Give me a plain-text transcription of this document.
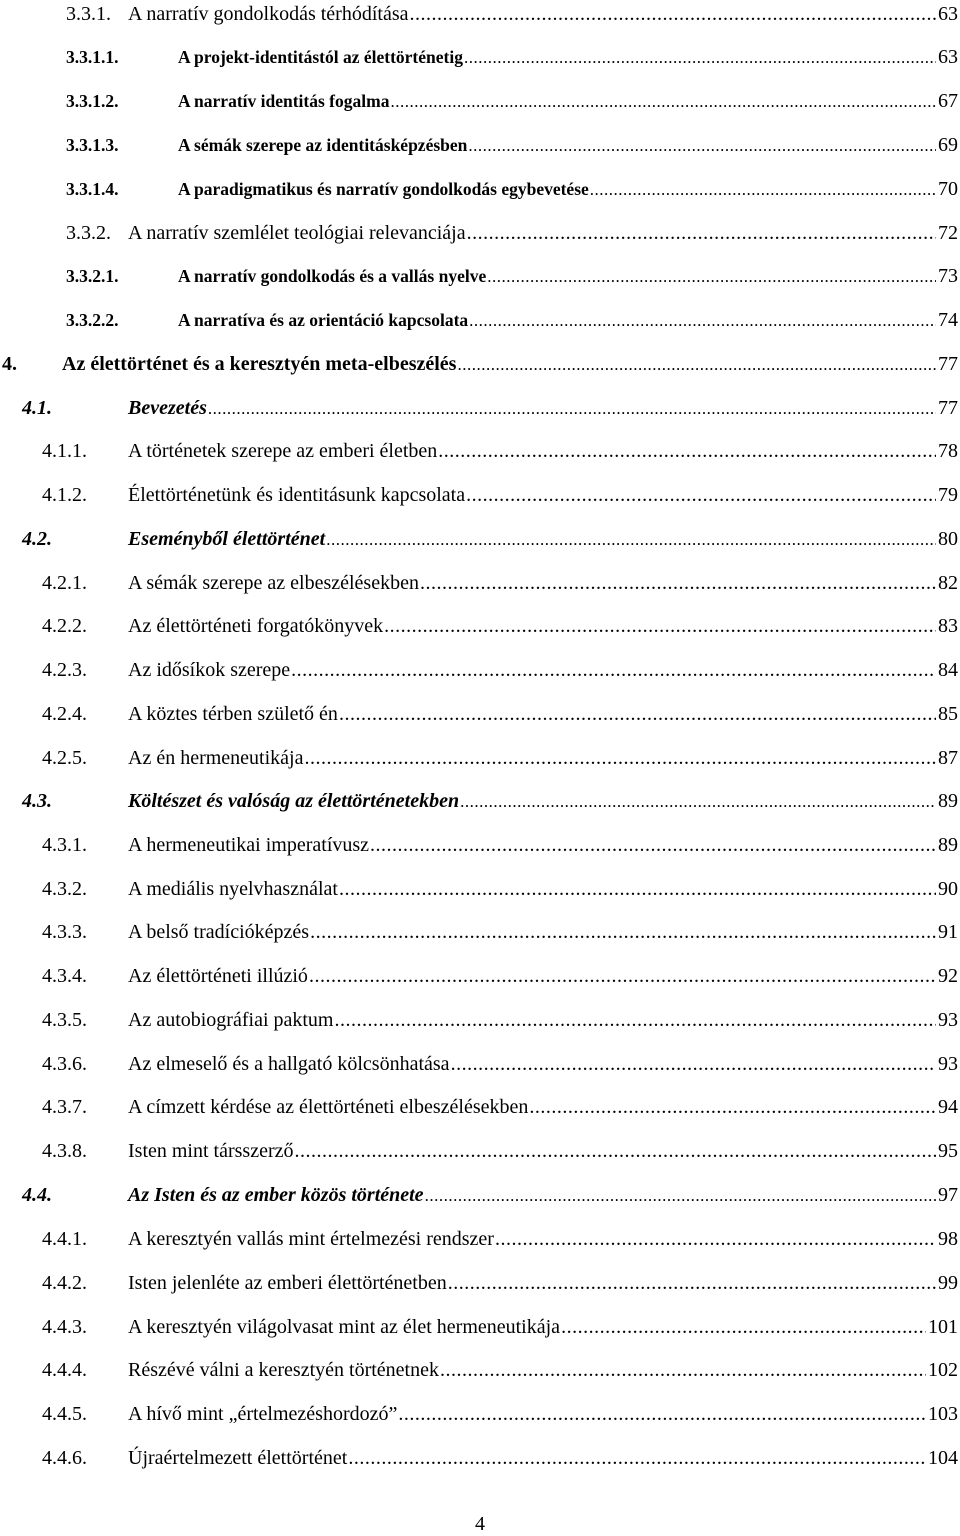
3.3.1. A narratív gondolkodás térhódítása .....	63
3.3.1.1.	A projekt-identitástól az élettörténetig .....	63
3.3.1.2.	A narratív identitás fogalma .....	67
3.3.1.3.	A sémák szerepe az identitásképzésben .....	69
3.3.1.4.	A paradigmatikus és narratív gondolkodás egybevetése .....	70
3.3.2. A narratív szemlélet teológiai relevanciája .....	72
3.3.2.1.	A narratív gondolkodás és a vallás nyelve .....	73
3.3.2.2.	A narratíva és az orientáció kapcsolata .....	74
4. Az élettörténet és a keresztyén meta-elbeszélés .....	77
4.1.	Bevezetés .....	77
4.1.1. A történetek szerepe az emberi életben .....	78
4.1.2. Élettörténetünk és identitásunk kapcsolata .....	79
4.2.	Eseményből élettörténet .....	80
4.2.1. A sémák szerepe az elbeszélésekben .....	82
4.2.2. Az élettörténeti forgatókönyvek .....	83
4.2.3. Az idősíkok szerepe .....	84
4.2.4. A köztes térben születő én .....	85
4.2.5. Az én hermeneutikája .....	87
4.3.	Költészet és valóság az élettörténetekben .....	89
4.3.1. A hermeneutikai imperatívusz .....	89
4.3.2. A mediális nyelvhasználat .....	90
4.3.3. A belső tradícióképzés .....	91
4.3.4. Az élettörténeti illúzió .....	92
4.3.5. Az autobiográfiai paktum .....	93
4.3.6. Az elmeselő és a hallgató kölcsönhatása .....	93
4.3.7. A címzett kérdése az élettörténeti elbeszélésekben .....	94
4.3.8. Isten mint társszerző .....	95
4.4.	Az Isten és az ember közös története .....	97
4.4.1. A keresztyén vallás mint értelmezési rendszer .....	98
4.4.2. Isten jelenléte az emberi élettörténetben .....	99
4.4.3. A keresztyén világolvasat mint az élet hermeneutikája .....	101
4.4.4. Részévé válni a keresztyén történetnek .....	102
4.4.5. A hívő mint „értelmezéshordozó” .....	103
4.4.6. Újraértelmezett élettörténet .....	104
4
